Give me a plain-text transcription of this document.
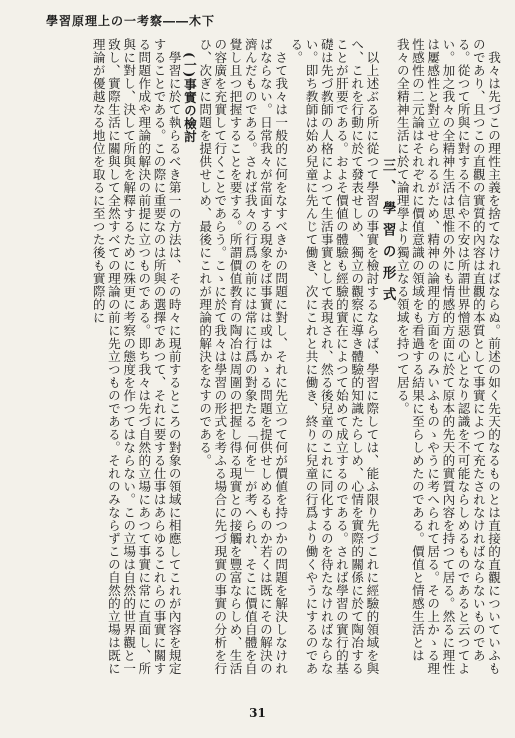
學習原理上の一考察――木下

我々は先づこの理性主義を捨てなければならぬ。前述の如く先天的なるものとは直接的直觀についていふものであり、且つこの直觀の實質的內容は直觀的本質として事實によつて充たされなければならないものである。從つて所與に對する不信や不安は所謂世界憎惡の心となり認識を不可能ならしめるものであると云つてよい。加之我々の全精神生活は思惟の外にも情感的方面に於て原本的先天的實質內容を持つて居る。然るに理性は屢感性と對立せられるがため、精神の論理的方面をのみいふものゝやうに考へられて居る。その上かゝる理性感性の二元論はそれぞれに價值意識の領域をも看過する結果に至らしめたのである。價值と情感生活とは我々の全精神生活に於て論理學より獨立なる領域を持つて居る。

三、學習の形式

以上述ぶる所に從つて學習の事實を檢討するならば、學習に際しては、能ふ限り先づこれに經驗的領域を與へ、これを行動に於て發表せしめ、獨立の觀察に導き體驗的知識たらしめ、心情を實際的關係に於て陶冶することが肝要である。およそ價値の體驗も經驗的實在によつて始めて成立するのである。されば學習の實行的基礎は先づ教師の人格によつて生活事實として表現され、然る後兒童のこれに同化するのを待たなければならない。即ち教師は始め兒童に先んじて働き、次にこれと共に働き、終りに兒童の行爲より働くやうにするのである。

さて我々は一般的に何をなすべきかの問題に對し、それに先立つて何が價値を持つかの問題を解決しなければならない。日常我々が常面する現象をば事實は或はかゝる問題を提供せしめるものか若くは既にその解決の濟んだものである。されば我々の行爲の前には常に行爲の對象たる「何を」が考へられ、そこに價值自體を自覺し且つ把握することを要する。所謂價值教育の陶冶は周圍の把握し得る現實との接觸を豐富ならしめ、生活の容廣を充實して行くことであらう。こゝに於て我々は學習の形式を考ふる場合に先づ現實の事實の分析を行ひ、次ぎに問題を提供せしめ、最後にこれが理論的解決をなすのである。

(一)事實の檢討

學習に於て執らるべき第一の方法は、その時々に現前するところの對象の領域に相應してこれが內容を規定することである。この際に重要なのは所與の選擇であつて、それに要する仕事はあらゆるこれらの事實に關する問題作成や理論的解決の前提に立つものである。即ち我々は先づ自然的立場にあつて事實に常に直面し、所與に對し、決して所與を解釋するために殊更に考察の態度を作つてはならない。この立場は自然的世界觀と一致し、實際生活に關與して全然すべての理論の前に先立つものである。それのみならずこの自然的立場は既に理論が優越なる地位を取るに至つた後も實際的に

31
